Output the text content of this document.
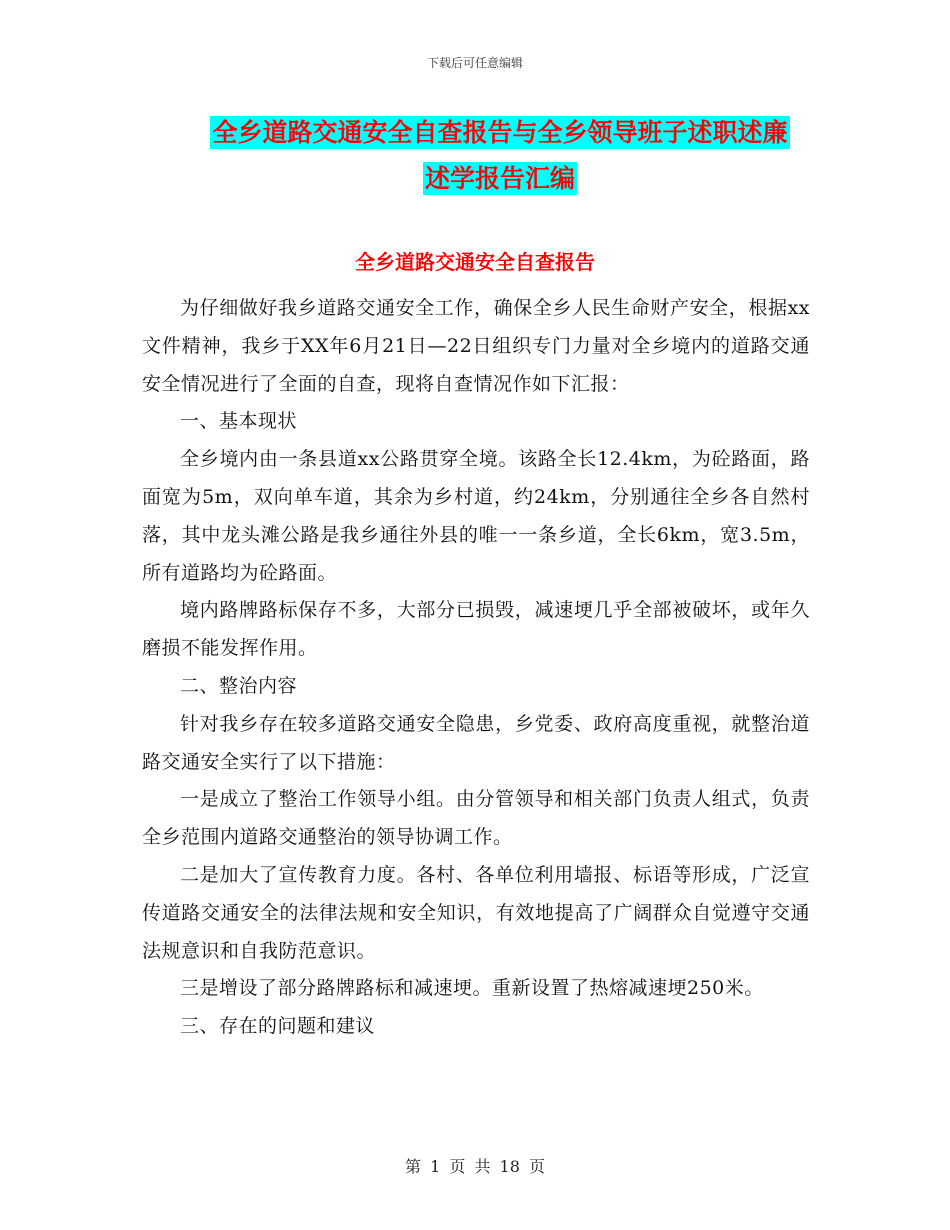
下载后可任意编辑
全乡道路交通安全自查报告与全乡领导班子述职述廉
述学报告汇编
全乡道路交通安全自查报告

为仔细做好我乡道路交通安全工作，确保全乡人民生命财产安全，根据xx文件精神，我乡于XX年6月21日—22日组织专门力量对全乡境内的道路交通安全情况进行了全面的自查，现将自查情况作如下汇报：

一、基本现状

全乡境内由一条县道xx公路贯穿全境。该路全长12.4km，为砼路面，路面宽为5m，双向单车道，其余为乡村道，约24km，分别通往全乡各自然村落，其中龙头滩公路是我乡通往外县的唯一一条乡道，全长6km，宽3.5m，所有道路均为砼路面。

境内路牌路标保存不多，大部分已损毁，减速埂几乎全部被破坏，或年久磨损不能发挥作用。

二、整治内容

针对我乡存在较多道路交通安全隐患，乡党委、政府高度重视，就整治道路交通安全实行了以下措施：

一是成立了整治工作领导小组。由分管领导和相关部门负责人组式，负责全乡范围内道路交通整治的领导协调工作。

二是加大了宣传教育力度。各村、各单位利用墙报、标语等形成，广泛宣传道路交通安全的法律法规和安全知识，有效地提高了广阔群众自觉遵守交通法规意识和自我防范意识。

三是增设了部分路牌路标和减速埂。重新设置了热熔减速埂250米。

三、存在的问题和建议

第 1 页 共 18 页
